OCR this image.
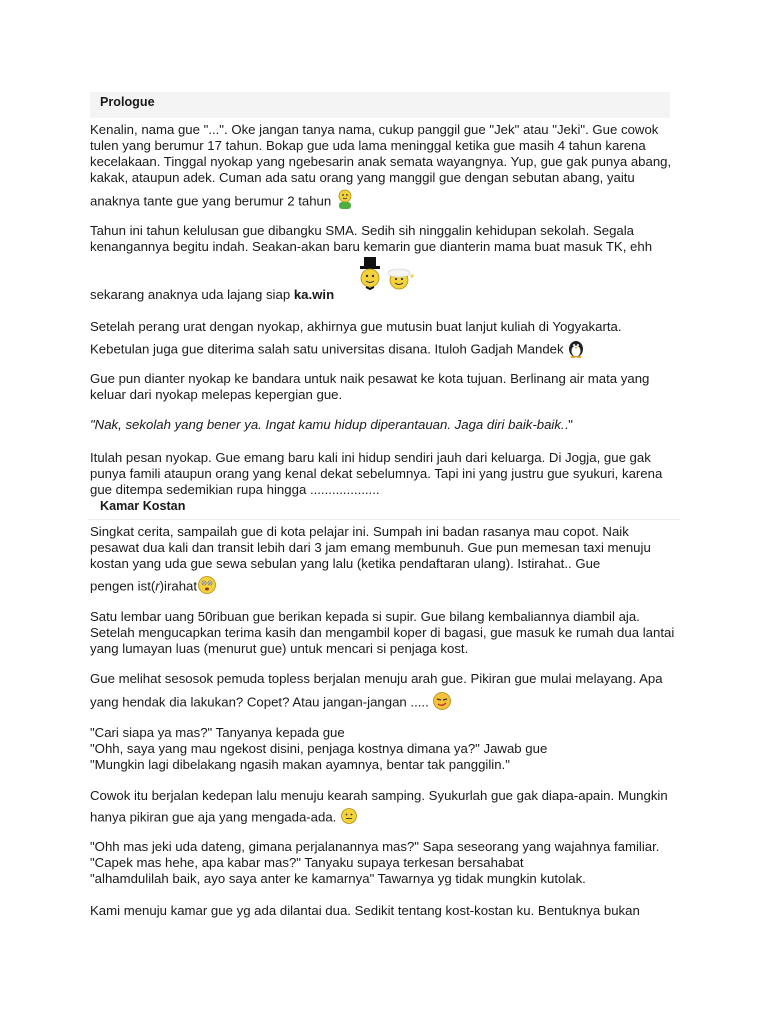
Prologue
Kenalin, nama gue "...". Oke jangan tanya nama, cukup panggil gue "Jek" atau "Jeki". Gue cowok
tulen yang berumur 17 tahun. Bokap gue uda lama meninggal ketika gue masih 4 tahun karena
kecelakaan. Tinggal nyokap yang ngebesarin anak semata wayangnya. Yup, gue gak punya abang,
kakak, ataupun adek. Cuman ada satu orang yang manggil gue dengan sebutan abang, yaitu
anaknya tante gue yang berumur 2 tahun
Tahun ini tahun kelulusan gue dibangku SMA. Sedih sih ninggalin kehidupan sekolah. Segala
kenangannya begitu indah. Seakan-akan baru kemarin gue dianterin mama buat masuk TK, ehh
sekarang anaknya uda lajang siap ka.win
Setelah perang urat dengan nyokap, akhirnya gue mutusin buat lanjut kuliah di Yogyakarta.
Kebetulan juga gue diterima salah satu universitas disana. Ituloh Gadjah Mandek
Gue pun dianter nyokap ke bandara untuk naik pesawat ke kota tujuan. Berlinang air mata yang
keluar dari nyokap melepas kepergian gue.
"Nak, sekolah yang bener ya. Ingat kamu hidup diperantauan. Jaga diri baik-baik.."
Itulah pesan nyokap. Gue emang baru kali ini hidup sendiri jauh dari keluarga. Di Jogja, gue gak
punya famili ataupun orang yang kenal dekat sebelumnya. Tapi ini yang justru gue syukuri, karena
gue ditempa sedemikian rupa hingga ...................
Kamar Kostan
Singkat cerita, sampailah gue di kota pelajar ini. Sumpah ini badan rasanya mau copot. Naik
pesawat dua kali dan transit lebih dari 3 jam emang membunuh. Gue pun memesan taxi menuju
kostan yang uda gue sewa sebulan yang lalu (ketika pendaftaran ulang). Istirahat.. Gue
pengen ist(r)irahat
Satu lembar uang 50ribuan gue berikan kepada si supir. Gue bilang kembaliannya diambil aja.
Setelah mengucapkan terima kasih dan mengambil koper di bagasi, gue masuk ke rumah dua lantai
yang lumayan luas (menurut gue) untuk mencari si penjaga kost.
Gue melihat sesosok pemuda topless berjalan menuju arah gue. Pikiran gue mulai melayang. Apa
yang hendak dia lakukan? Copet? Atau jangan-jangan .....
"Cari siapa ya mas?" Tanyanya kepada gue
"Ohh, saya yang mau ngekost disini, penjaga kostnya dimana ya?" Jawab gue
"Mungkin lagi dibelakang ngasih makan ayamnya, bentar tak panggilin."
Cowok itu berjalan kedepan lalu menuju kearah samping. Syukurlah gue gak diapa-apain. Mungkin
hanya pikiran gue aja yang mengada-ada.
"Ohh mas jeki uda dateng, gimana perjalanannya mas?" Sapa seseorang yang wajahnya familiar.
"Capek mas hehe, apa kabar mas?" Tanyaku supaya terkesan bersahabat
"alhamdulilah baik, ayo saya anter ke kamarnya" Tawarnya yg tidak mungkin kutolak.
Kami menuju kamar gue yg ada dilantai dua. Sedikit tentang kost-kostan ku. Bentuknya bukan
